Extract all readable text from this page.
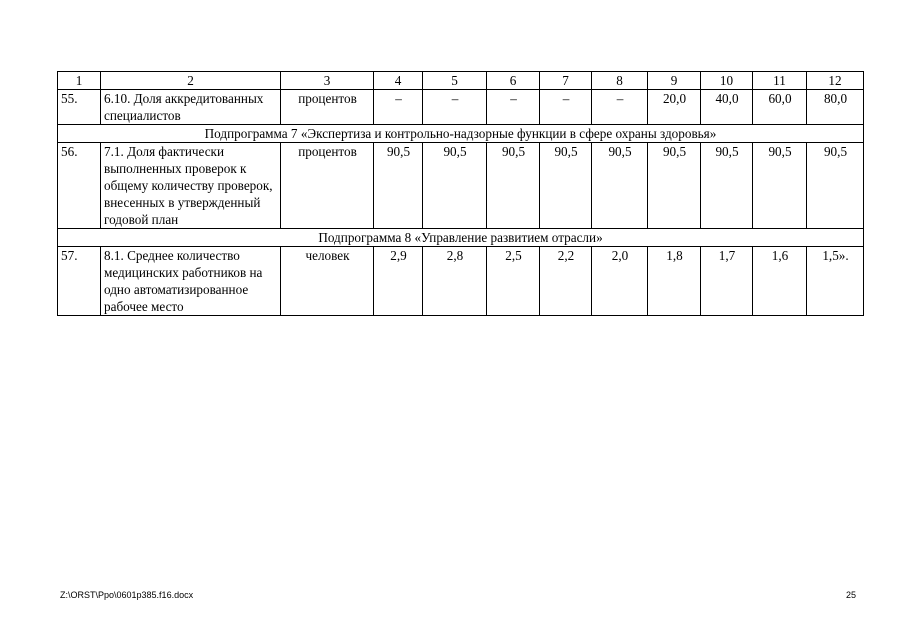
1	2	3	4	5	6	7	8	9	10	11	12
55.	6.10. Доля аккредитованных специалистов	процентов	–	–	–	–	–	20,0	40,0	60,0	80,0
Подпрограмма 7 «Экспертиза и контрольно-надзорные функции в сфере охраны здоровья»											
56.	7.1. Доля фактически выполненных проверок к общему количеству проверок, внесенных в утвержденный годовой план	процентов	90,5	90,5	90,5	90,5	90,5	90,5	90,5	90,5	90,5
Подпрограмма 8 «Управление развитием отрасли»											
57.	8.1. Среднее количество медицинских работников на одно автоматизированное рабочее место	человек	2,9	2,8	2,5	2,2	2,0	1,8	1,7	1,6	1,5».
Z:\ORST\Ppo\0601p385.f16.docx	25
